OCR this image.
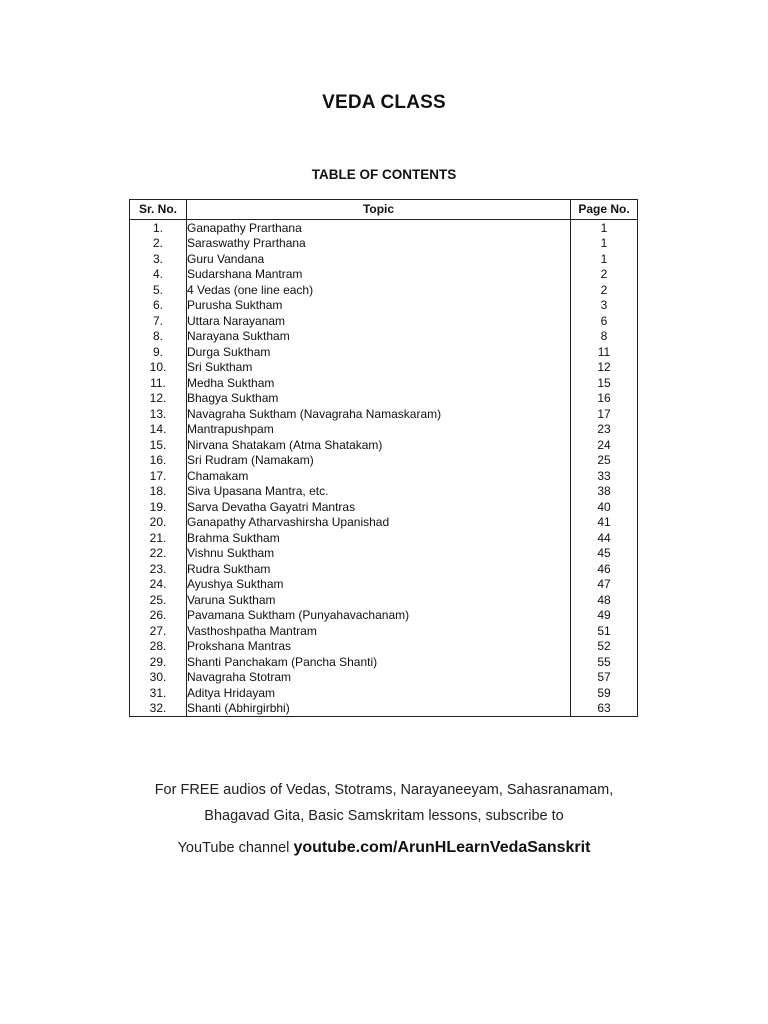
VEDA CLASS
TABLE OF CONTENTS
Sr. No.	Topic	Page No.
1.	Ganapathy Prarthana	1
2.	Saraswathy Prarthana	1
3.	Guru Vandana	1
4.	Sudarshana Mantram	2
5.	4 Vedas (one line each)	2
6.	Purusha Suktham	3
7.	Uttara Narayanam	6
8.	Narayana Suktham	8
9.	Durga Suktham	11
10.	Sri Suktham	12
11.	Medha Suktham	15
12.	Bhagya Suktham	16
13.	Navagraha Suktham (Navagraha Namaskaram)	17
14.	Mantrapushpam	23
15.	Nirvana Shatakam (Atma Shatakam)	24
16.	Sri Rudram (Namakam)	25
17.	Chamakam	33
18.	Siva Upasana Mantra, etc.	38
19.	Sarva Devatha Gayatri Mantras	40
20.	Ganapathy Atharvashirsha Upanishad	41
21.	Brahma Suktham	44
22.	Vishnu Suktham	45
23.	Rudra Suktham	46
24.	Ayushya Suktham	47
25.	Varuna Suktham	48
26.	Pavamana Suktham (Punyahavachanam)	49
27.	Vasthoshpatha Mantram	51
28.	Prokshana Mantras	52
29.	Shanti Panchakam (Pancha Shanti)	55
30.	Navagraha Stotram	57
31.	Aditya Hridayam	59
32.	Shanti (Abhirgirbhi)	63
For FREE audios of Vedas, Stotrams, Narayaneeyam, Sahasranamam,
Bhagavad Gita, Basic Samskritam lessons, subscribe to
YouTube channel youtube.com/ArunHLearnVedaSanskrit
